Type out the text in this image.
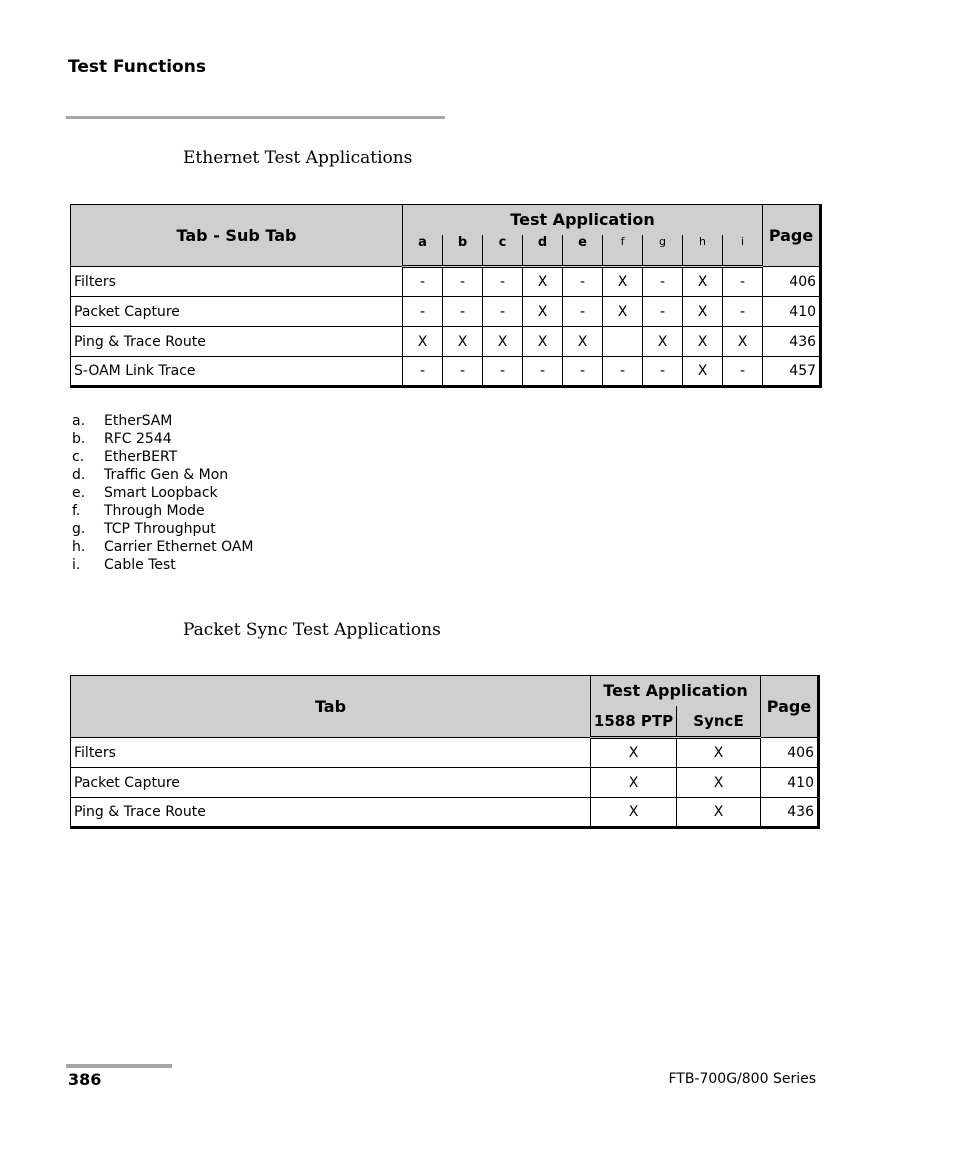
Test Functions
Ethernet Test Applications
Tab - Sub Tab	Test Application									Page
	a	b	c	d	e	f	g	h	i	
Filters	-	-	-	X	-	X	-	X	-	406
Packet Capture	-	-	-	X	-	X	-	X	-	410
Ping & Trace Route	X	X	X	X	X		X	X	X	436
S-OAM Link Trace	-	-	-	-	-	-	-	X	-	457
a.	EtherSAM
b.	RFC 2544
c.	EtherBERT
d.	Traffic Gen & Mon
e.	Smart Loopback
f.	Through Mode
g.	TCP Throughput
h.	Carrier Ethernet OAM
i.	Cable Test
Packet Sync Test Applications
Tab	Test Application		Page
	1588 PTP	SyncE	
Filters	X	X	406
Packet Capture	X	X	410
Ping & Trace Route	X	X	436
386	FTB-700G/800 Series
